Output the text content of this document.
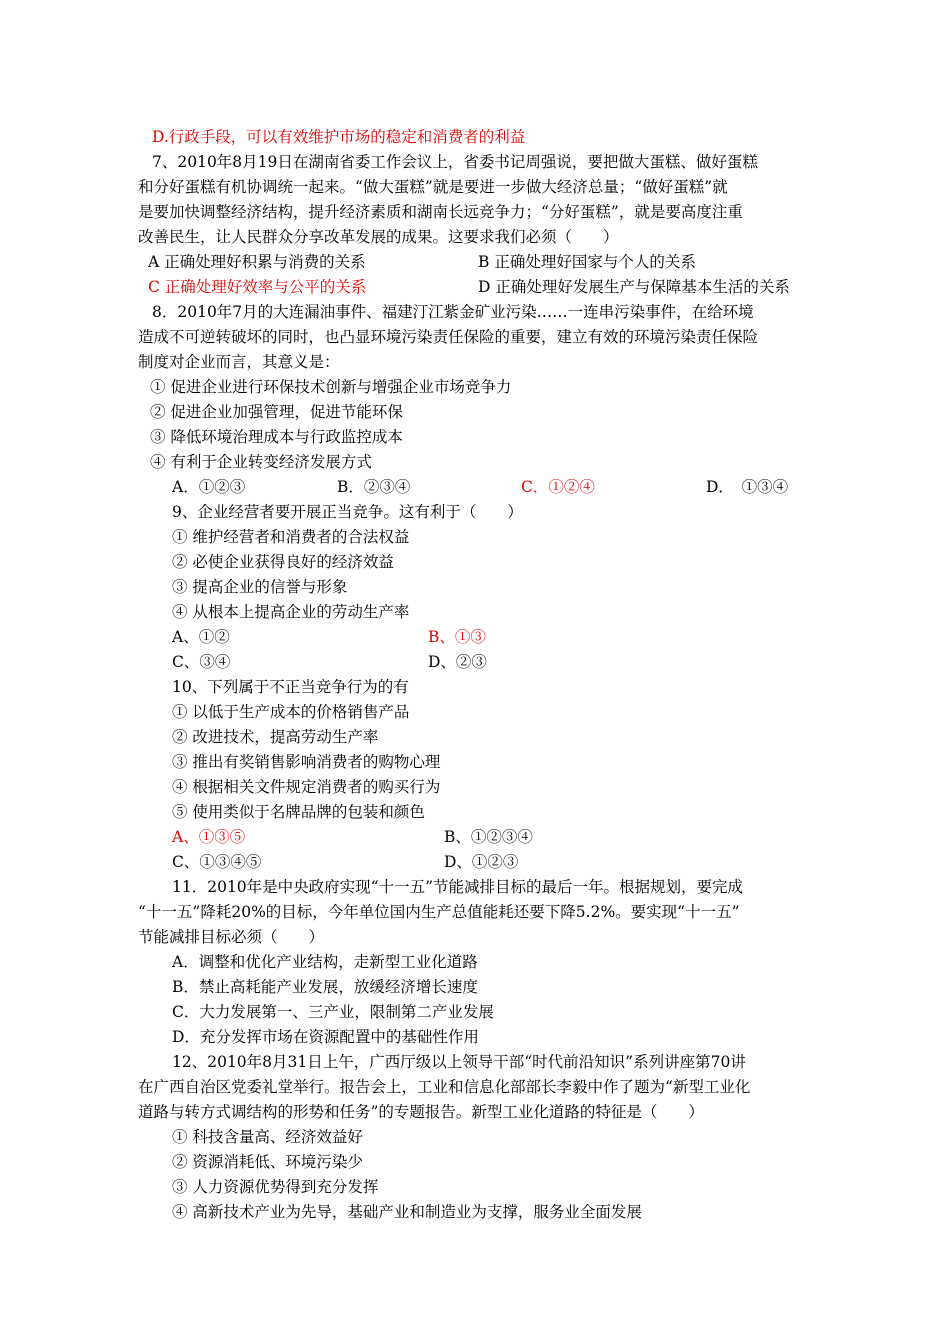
D.行政手段，可以有效维护市场的稳定和消费者的利益
7、2010年8月19日在湖南省委工作会议上，省委书记周强说，要把做大蛋糕、做好蛋糕
和分好蛋糕有机协调统一起来。“做大蛋糕”就是要进一步做大经济总量；“做好蛋糕”就
是要加快调整经济结构，提升经济素质和湖南长远竞争力；“分好蛋糕”，就是要高度注重
改善民生，让人民群众分享改革发展的成果。这要求我们必须（　　）
A 正确处理好积累与消费的关系	B 正确处理好国家与个人的关系
C 正确处理好效率与公平的关系	D 正确处理好发展生产与保障基本生活的关系
8．2010年7月的大连漏油事件、福建汀江紫金矿业污染……一连串污染事件，在给环境
造成不可逆转破坏的同时，也凸显环境污染责任保险的重要，建立有效的环境污染责任保险
制度对企业而言，其意义是：
① 促进企业进行环保技术创新与增强企业市场竞争力
② 促进企业加强管理，促进节能环保
③ 降低环境治理成本与行政监控成本
④ 有利于企业转变经济发展方式
A．①②③	B．②③④	C．①②④	D．　①③④
9、企业经营者要开展正当竞争。这有利于（　　）
① 维护经营者和消费者的合法权益
② 必使企业获得良好的经济效益
③ 提高企业的信誉与形象
④ 从根本上提高企业的劳动生产率
A、①②	B、①③
C、③④	D、②③
10、下列属于不正当竞争行为的有
① 以低于生产成本的价格销售产品
② 改进技术，提高劳动生产率
③ 推出有奖销售影响消费者的购物心理
④ 根据相关文件规定消费者的购买行为
⑤ 使用类似于名牌品牌的包装和颜色
A、①③⑤	B、①②③④
C、①③④⑤	D、①②③
11．2010年是中央政府实现“十一五”节能减排目标的最后一年。根据规划，要完成
“十一五”降耗20%的目标，今年单位国内生产总值能耗还要下降5.2%。要实现“十一五”
节能减排目标必须（　　）
A．调整和优化产业结构，走新型工业化道路
B．禁止高耗能产业发展，放缓经济增长速度
C．大力发展第一、三产业，限制第二产业发展
D．充分发挥市场在资源配置中的基础性作用
12、2010年8月31日上午，广西厅级以上领导干部“时代前沿知识”系列讲座第70讲
在广西自治区党委礼堂举行。报告会上，工业和信息化部部长李毅中作了题为“新型工业化
道路与转方式调结构的形势和任务”的专题报告。新型工业化道路的特征是（　　）
① 科技含量高、经济效益好
② 资源消耗低、环境污染少
③ 人力资源优势得到充分发挥
④ 高新技术产业为先导，基础产业和制造业为支撑，服务业全面发展
